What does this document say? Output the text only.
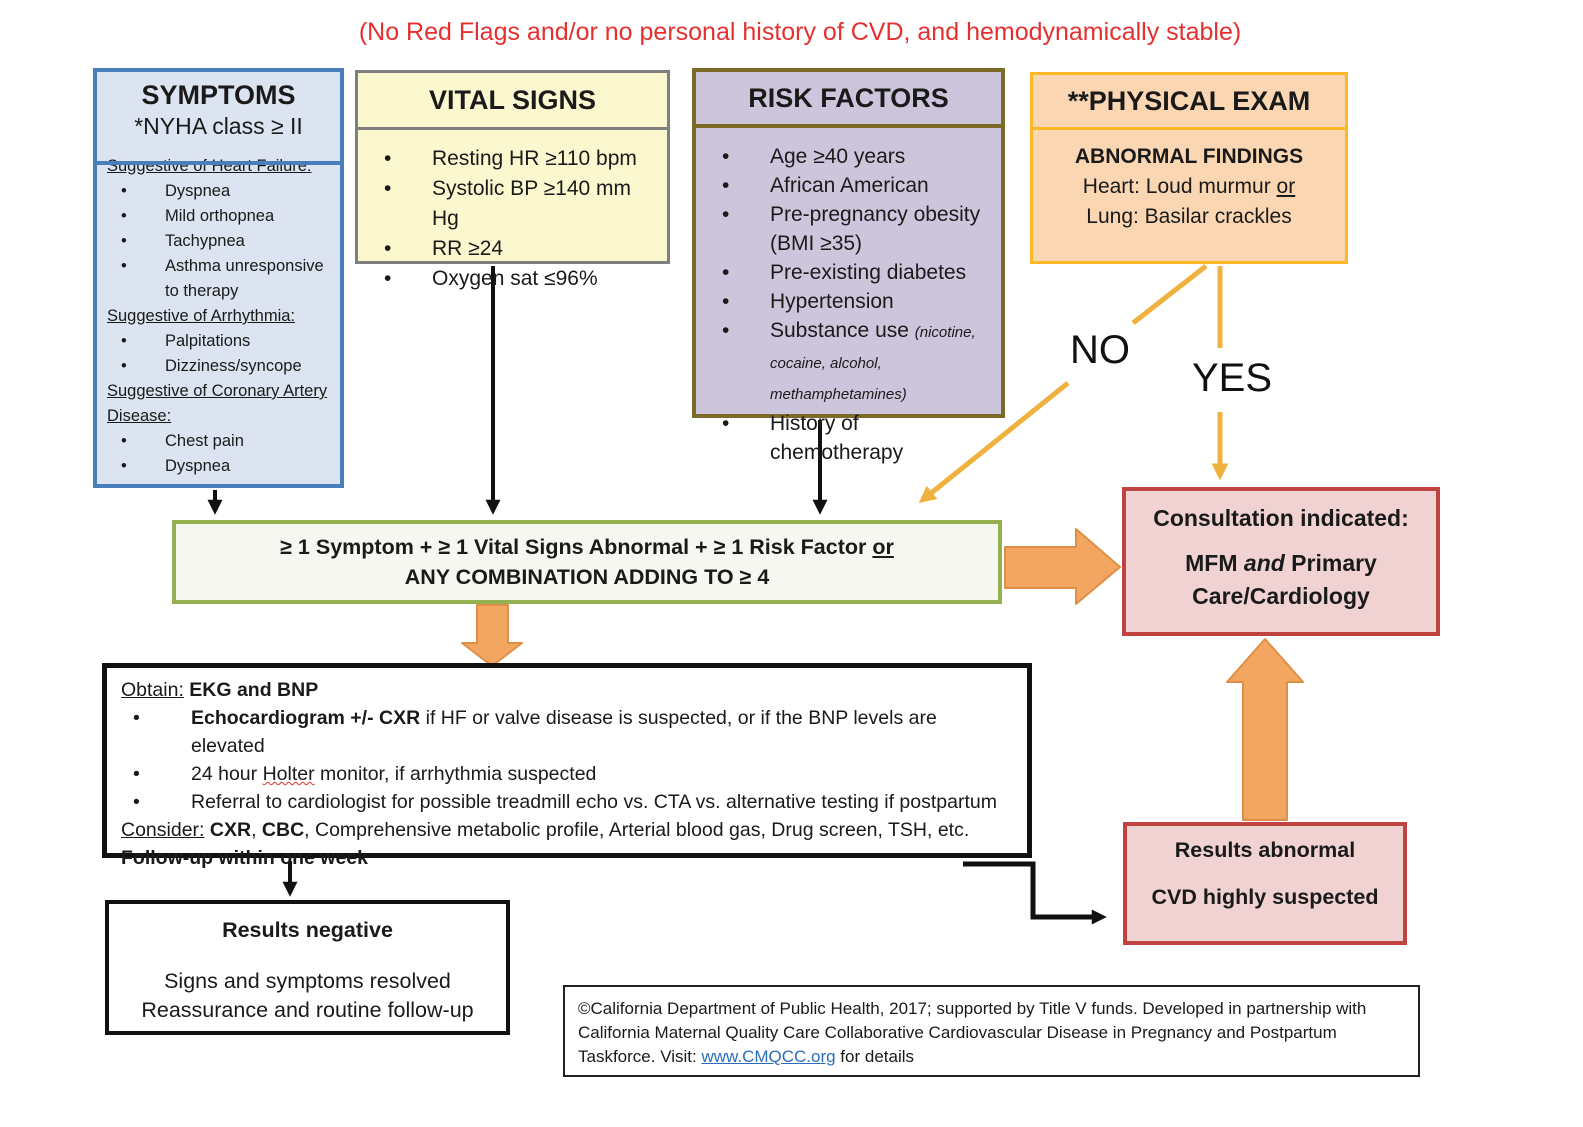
(No Red Flags and/or no personal history of CVD, and hemodynamically stable)
SYMPTOMS
*NYHA class ≥ II
Suggestive of Heart Failure:
• Dyspnea
• Mild orthopnea
• Tachypnea
• Asthma unresponsive to therapy
Suggestive of Arrhythmia:
• Palpitations
• Dizziness/syncope
Suggestive of Coronary Artery Disease:
• Chest pain
• Dyspnea
VITAL SIGNS
• Resting HR ≥110 bpm
• Systolic BP ≥140 mm Hg
• RR ≥24
• Oxygen sat ≤96%
RISK FACTORS
• Age ≥40 years
• African American
• Pre-pregnancy obesity (BMI ≥35)
• Pre-existing diabetes
• Hypertension
• Substance use (nicotine, cocaine, alcohol, methamphetamines)
• History of chemotherapy
**PHYSICAL EXAM
ABNORMAL FINDINGS
Heart: Loud murmur or
Lung: Basilar crackles
NO
YES
≥ 1 Symptom + ≥ 1 Vital Signs Abnormal + ≥ 1 Risk Factor or
ANY COMBINATION ADDING TO ≥ 4
Consultation indicated:
MFM and Primary
Care/Cardiology
Obtain: EKG and BNP
• Echocardiogram +/- CXR if HF or valve disease is suspected, or if the BNP levels are elevated
• 24 hour Holter monitor, if arrhythmia suspected
• Referral to cardiologist for possible treadmill echo vs. CTA vs. alternative testing if postpartum
Consider: CXR, CBC, Comprehensive metabolic profile, Arterial blood gas, Drug screen, TSH, etc.
Follow-up within one week
Results negative
Signs and symptoms resolved
Reassurance and routine follow-up
Results abnormal
CVD highly suspected
©California Department of Public Health, 2017; supported by Title V funds. Developed in partnership with California Maternal Quality Care Collaborative Cardiovascular Disease in Pregnancy and Postpartum Taskforce. Visit: www.CMQCC.org for details
